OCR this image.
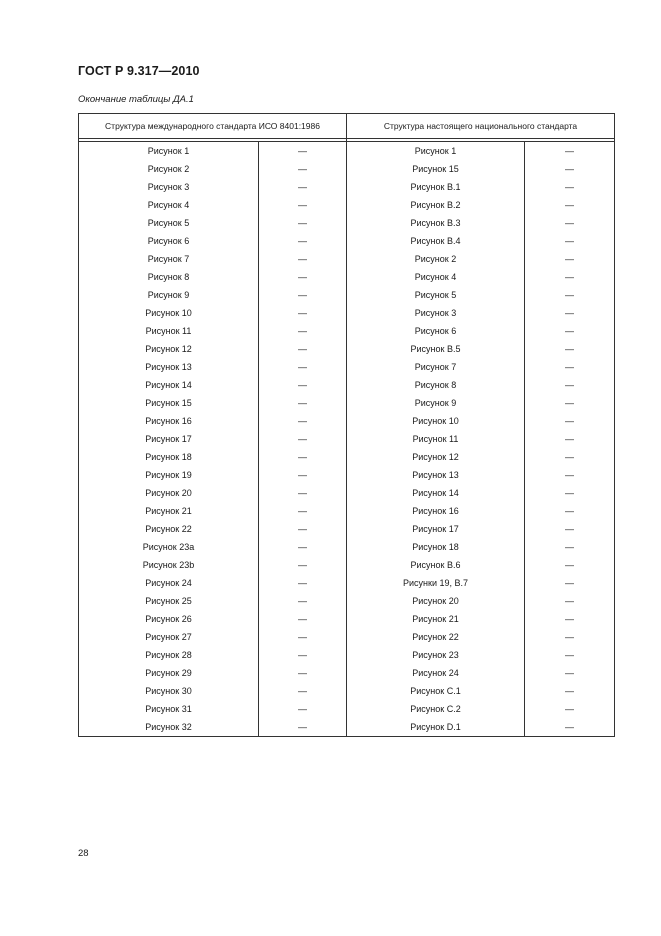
ГОСТ Р 9.317—2010
Окончание таблицы ДА.1
Структура международного стандарта ИСО 8401:1986		Структура настоящего национального стандарта	

Рисунок 1	—	Рисунок 1	—
Рисунок 2	—	Рисунок 15	—
Рисунок 3	—	Рисунок В.1	—
Рисунок 4	—	Рисунок В.2	—
Рисунок 5	—	Рисунок В.3	—
Рисунок 6	—	Рисунок В.4	—
Рисунок 7	—	Рисунок 2	—
Рисунок 8	—	Рисунок 4	—
Рисунок 9	—	Рисунок 5	—
Рисунок 10	—	Рисунок 3	—
Рисунок 11	—	Рисунок 6	—
Рисунок 12	—	Рисунок В.5	—
Рисунок 13	—	Рисунок 7	—
Рисунок 14	—	Рисунок 8	—
Рисунок 15	—	Рисунок 9	—
Рисунок 16	—	Рисунок 10	—
Рисунок 17	—	Рисунок 11	—
Рисунок 18	—	Рисунок 12	—
Рисунок 19	—	Рисунок 13	—
Рисунок 20	—	Рисунок 14	—
Рисунок 21	—	Рисунок 16	—
Рисунок 22	—	Рисунок 17	—
Рисунок 23а	—	Рисунок 18	—
Рисунок 23b	—	Рисунок В.6	—
Рисунок 24	—	Рисунки 19, В.7	—
Рисунок 25	—	Рисунок 20	—
Рисунок 26	—	Рисунок 21	—
Рисунок 27	—	Рисунок 22	—
Рисунок 28	—	Рисунок 23	—
Рисунок 29	—	Рисунок 24	—
Рисунок 30	—	Рисунок С.1	—
Рисунок 31	—	Рисунок С.2	—
Рисунок 32	—	Рисунок D.1	—
28
